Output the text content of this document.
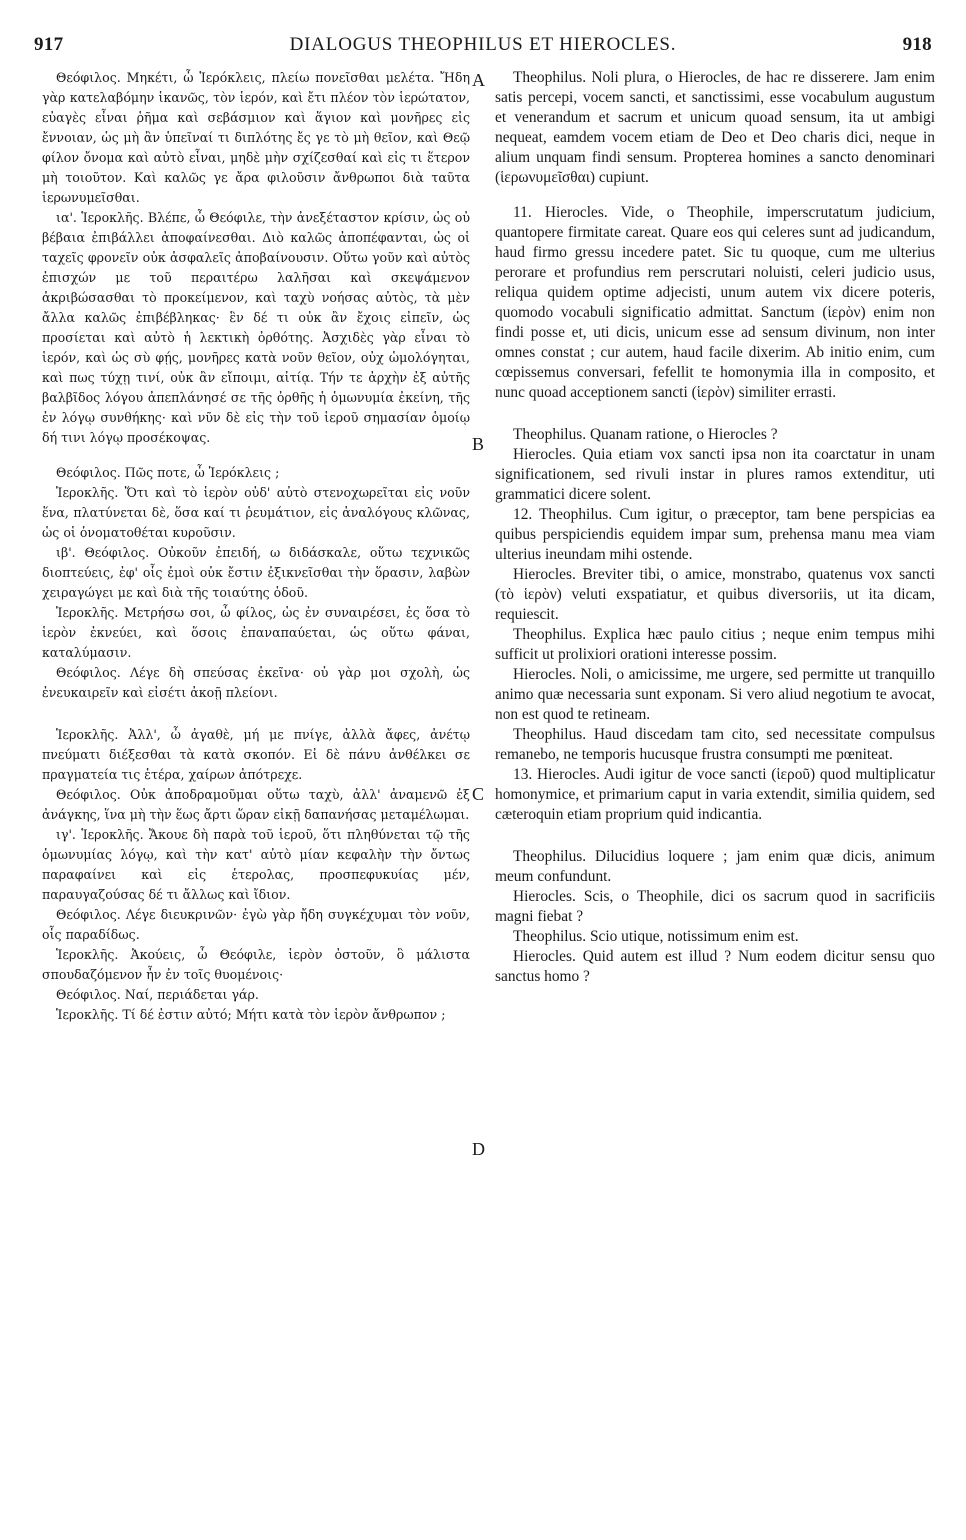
917	DIALOGUS THEOPHILUS ET HIEROCLES.	918
A
B
C
D

Θεόφιλος. Μηκέτι, ὦ Ἱερόκλεις, πλείω πονεῖσθαι μελέτα. Ἤδη γὰρ κατελαβόμην ἱκανῶς, τὸν ἱερόν, καὶ ἔτι πλέον τὸν ἱερώτατον, εὐαγὲς εἶναι ῥῆμα καὶ σεβάσμιον καὶ ἅγιον καὶ μονῆρες εἰς ἔννοιαν, ὡς μὴ ἂν ὑπεῖναί τι διπλότης ἔς γε τὸ μὴ θεῖον, καὶ Θεῷ φίλον ὄνομα καὶ αὐτὸ εἶναι, μηδὲ μὴν σχίζεσθαί καὶ εἰς τι ἕτερον μὴ τοιοῦτον. Καὶ καλῶς γε ἄρα φιλοῦσιν ἄνθρωποι διὰ ταῦτα ἱερωνυμεῖσθαι.

ια'. Ἱεροκλῆς. Βλέπε, ὦ Θεόφιλε, τὴν ἀνεξέταστον κρίσιν, ὡς οὐ βέβαια ἐπιβάλλει ἀποφαίνεσθαι. Διὸ καλῶς ἀποπέφανται, ὡς οἱ ταχεῖς φρονεῖν οὐκ ἀσφαλεῖς ἀποβαίνουσιν. Οὕτω γοῦν καὶ αὐτὸς ἐπισχών με τοῦ περαιτέρω λαλῆσαι καὶ σκεψάμενον ἀκριβώσασθαι τὸ προκείμενον, καὶ ταχὺ νοήσας αὐτὸς, τὰ μὲν ἄλλα καλῶς ἐπιβέβληκας· ἓν δέ τι οὐκ ἂν ἔχοις εἰπεῖν, ὡς προσίεται καὶ αὐτὸ ἡ λεκτικὴ ὀρθότης. Ἀσχιδὲς γὰρ εἶναι τὸ ἱερόν, καὶ ὡς σὺ φῄς, μονῆρες κατὰ νοῦν θεῖον, οὐχ ὡμολόγηται, καὶ πως τύχῃ τινί, οὐκ ἂν εἴποιμι, αἰτίᾳ. Τήν τε ἀρχὴν ἐξ αὐτῆς βαλβῖδος λόγου ἀπεπλάνησέ σε τῆς ὀρθῆς ἡ ὁμωνυμία ἐκείνη, τῆς ἐν λόγῳ συνθήκης· καὶ νῦν δὲ εἰς τὴν τοῦ ἱεροῦ σημασίαν ὁμοίῳ δή τινι λόγῳ προσέκοψας.

Θεόφιλος. Πῶς ποτε, ὦ Ἱερόκλεις ;

Ἱεροκλῆς. Ὅτι καὶ τὸ ἱερὸν οὐδ' αὐτὸ στενοχωρεῖται εἰς νοῦν ἕνα, πλατύνεται δὲ, ὅσα καί τι ῥευμάτιον, εἰς ἀναλόγους κλῶνας, ὡς οἱ ὀνοματοθέται κυροῦσιν.

ιβ'. Θεόφιλος. Οὐκοῦν ἐπειδή, ω διδάσκαλε, οὕτω τεχνικῶς διοπτεύεις, ἐφ' οἷς ἐμοὶ οὐκ ἔστιν ἐξικνεῖσθαι τὴν ὅρασιν, λαβὼν χειραγώγει με καὶ διὰ τῆς τοιαύτης ὁδοῦ.

Ἱεροκλῆς. Μετρήσω σοι, ὦ φίλος, ὡς ἐν συναιρέσει, ἐς ὅσα τὸ ἱερὸν ἐκνεύει, καὶ ὅσοις ἐπαναπαύεται, ὡς οὕτω φάναι, καταλύμασιν.

Θεόφιλος. Λέγε δὴ σπεύσας ἐκεῖνα· οὐ γὰρ μοι σχολὴ, ὡς ἐνευκαιρεῖν καὶ εἰσέτι ἀκοῇ πλείονι.

Ἱεροκλῆς. Ἀλλ', ὦ ἀγαθὲ, μή με πνίγε, ἀλλὰ ἄφες, ἀνέτῳ πνεύματι διέξεσθαι τὰ κατὰ σκοπόν. Εἰ δὲ πάνυ ἀνθέλκει σε πραγματεία τις ἑτέρα, χαίρων ἀπότρεχε.

Θεόφιλος. Οὐκ ἀποδραμοῦμαι οὕτω ταχὺ, ἀλλ' ἀναμενῶ ἐξ ἀνάγκης, ἵνα μὴ τὴν ἕως ἄρτι ὥραν εἰκῇ δαπανήσας μεταμέλωμαι.

ιγ'. Ἱεροκλῆς. Ἄκουε δὴ παρὰ τοῦ ἱεροῦ, ὅτι πληθύνεται τῷ τῆς ὁμωνυμίας λόγῳ, καὶ τὴν κατ' αὐτὸ μίαν κεφαλὴν τὴν ὄντως παραφαίνει καὶ εἰς ἑτερολας, προσπεφυκυίας μέν, παραυγαζούσας δέ τι ἄλλως καὶ ἴδιον.

Θεόφιλος. Λέγε διευκρινῶν· ἐγὼ γὰρ ἤδη συγκέχυμαι τὸν νοῦν, οἷς παραδίδως.

Ἱεροκλῆς. Ἀκούεις, ὦ Θεόφιλε, ἱερὸν ὀστοῦν, ὃ μάλιστα σπουδαζόμενον ἦν ἐν τοῖς θυομένοις·

Θεόφιλος. Ναί, περιάδεται γάρ.

Ἱεροκλῆς. Τί δέ ἐστιν αὐτό; Μήτι κατὰ τὸν ἱερὸν ἄνθρωπον ;

Theophilus. Noli plura, o Hierocles, de hac re disserere. Jam enim satis percepi, vocem sancti, et sanctissimi, esse vocabulum augustum et venerandum et sacrum et unicum quoad sensum, ita ut ambigi nequeat, eamdem vocem etiam de Deo et Deo charis dici, neque in alium unquam findi sensum. Propterea homines a sancto denominari (ἱερωνυμεῖσθαι) cupiunt.

11. Hierocles. Vide, o Theophile, imperscrutatum judicium, quantopere firmitate careat. Quare eos qui celeres sunt ad judicandum, haud firmo gressu incedere patet. Sic tu quoque, cum me ulterius perorare et profundius rem perscrutari noluisti, celeri judicio usus, reliqua quidem optime adjecisti, unum autem vix dicere poteris, quomodo vocabuli significatio admittat. Sanctum (ἱερὸν) enim non findi posse et, uti dicis, unicum esse ad sensum divinum, non inter omnes constat ; cur autem, haud facile dixerim. Ab initio enim, cum cœpissemus conversari, fefellit te homonymia illa in composito, et nunc quoad acceptionem sancti (ἱερὸν) similiter errasti.

Theophilus. Quanam ratione, o Hierocles ?

Hierocles. Quia etiam vox sancti ipsa non ita coarctatur in unam significationem, sed rivuli instar in plures ramos extenditur, uti grammatici dicere solent.

12. Theophilus. Cum igitur, o præceptor, tam bene perspicias ea quibus perspiciendis equidem impar sum, prehensa manu mea viam ulterius ineundam mihi ostende.

Hierocles. Breviter tibi, o amice, monstrabo, quatenus vox sancti (τὸ ἱερὸν) veluti exspatiatur, et quibus diversoriis, ut ita dicam, requiescit.

Theophilus. Explica hæc paulo citius ; neque enim tempus mihi sufficit ut prolixiori orationi interesse possim.

Hierocles. Noli, o amicissime, me urgere, sed permitte ut tranquillo animo quæ necessaria sunt exponam. Si vero aliud negotium te avocat, non est quod te retineam.

Theophilus. Haud discedam tam cito, sed necessitate compulsus remanebo, ne temporis hucusque frustra consumpti me pœniteat.

13. Hierocles. Audi igitur de voce sancti (ἱεροῦ) quod multiplicatur homonymice, et primarium caput in varia extendit, similia quidem, sed cæteroquin etiam proprium quid indicantia.

Theophilus. Dilucidius loquere ; jam enim quæ dicis, animum meum confundunt.

Hierocles. Scis, o Theophile, dici os sacrum quod in sacrificiis magni fiebat ?

Theophilus. Scio utique, notissimum enim est.

Hierocles. Quid autem est illud ? Num eodem dicitur sensu quo sanctus homo ?
